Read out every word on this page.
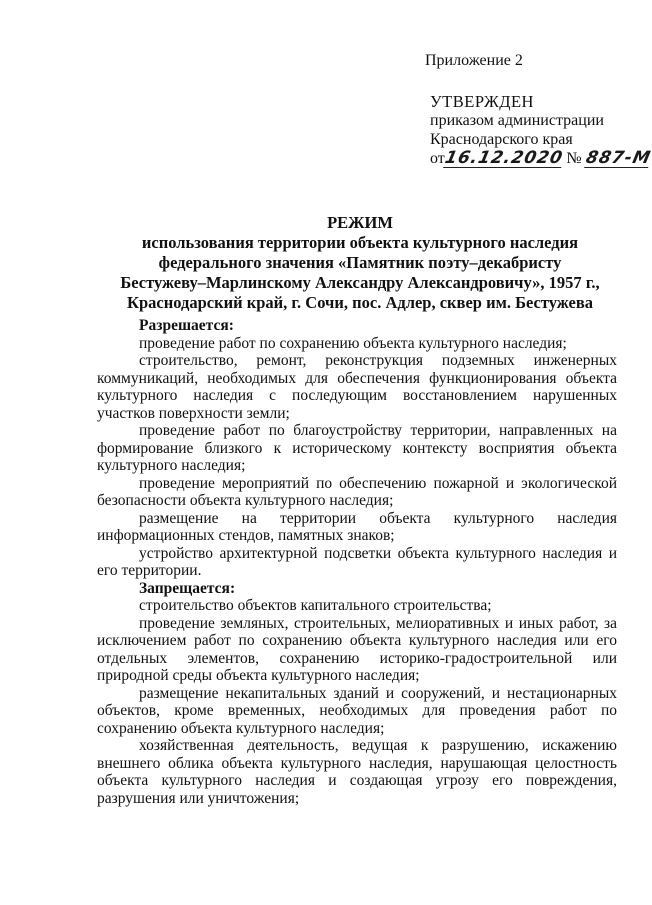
Приложение 2
УТВЕРЖДЕН
приказом администрации
Краснодарского края
от16.12.2020 № 887-М
РЕЖИМ
использования территории объекта культурного наследия
федерального значения «Памятник поэту–декабристу
Бестужеву–Марлинскому Александру Александровичу», 1957 г.,
Краснодарский край, г. Сочи, пос. Адлер, сквер им. Бестужева
Разрешается:

проведение работ по сохранению объекта культурного наследия;

строительство, ремонт, реконструкция подземных инженерных коммуникаций, необходимых для обеспечения функционирования объекта культурного наследия с последующим восстановлением нарушенных участков поверхности земли;

проведение работ по благоустройству территории, направленных на формирование близкого к историческому контексту восприятия объекта культурного наследия;

проведение мероприятий по обеспечению пожарной и экологической безопасности объекта культурного наследия;

размещение на территории объекта культурного наследия информационных стендов, памятных знаков;

устройство архитектурной подсветки объекта культурного наследия и его территории.

Запрещается:

строительство объектов капитального строительства;

проведение земляных, строительных, мелиоративных и иных работ, за исключением работ по сохранению объекта культурного наследия или его отдельных элементов, сохранению историко-градостроительной или природной среды объекта культурного наследия;

размещение некапитальных зданий и сооружений, и нестационарных объектов, кроме временных, необходимых для проведения работ по сохранению объекта культурного наследия;

хозяйственная деятельность, ведущая к разрушению, искажению внешнего облика объекта культурного наследия, нарушающая целостность объекта культурного наследия и создающая угрозу его повреждения, разрушения или уничтожения;
